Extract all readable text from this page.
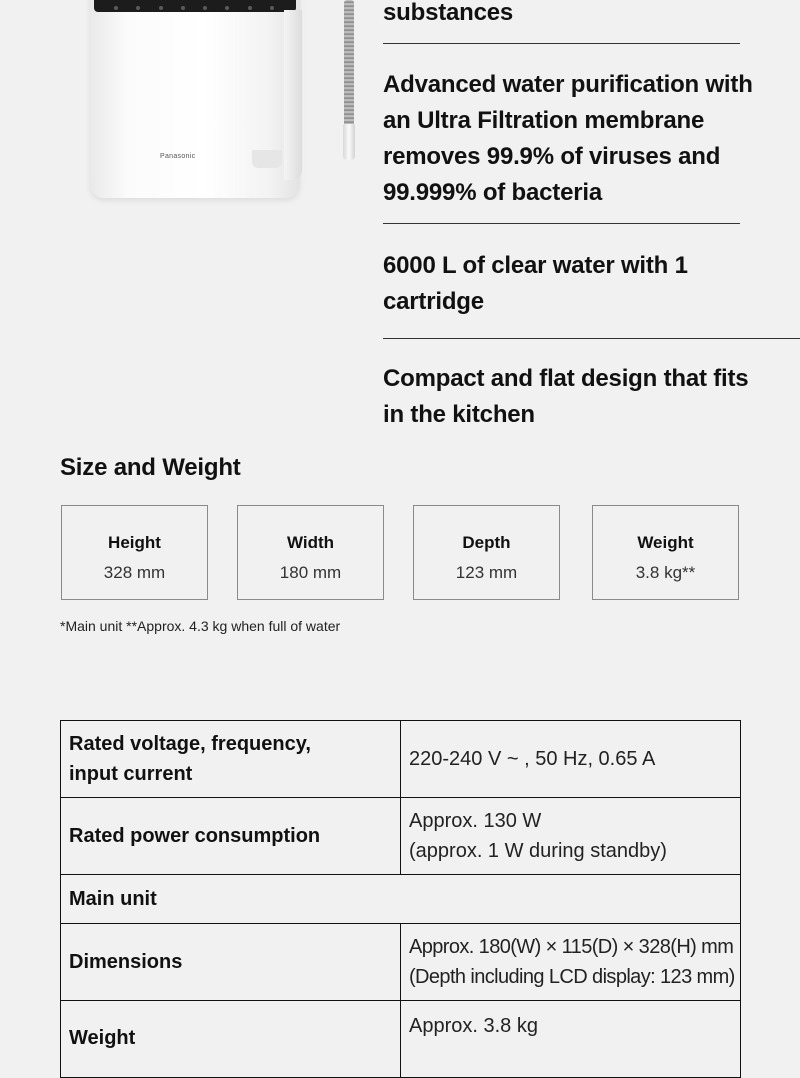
Panasonic
substances
Advanced water purification with
an Ultra Filtration membrane
removes 99.9% of viruses and
99.999% of bacteria
6000 L of clear water with 1
cartridge
Compact and flat design that fits
in the kitchen
Size and Weight
Height
328 mm
Width
180 mm
Depth
123 mm
Weight
3.8 kg**
*Main unit **Approx. 4.3 kg when full of water
Rated voltage, frequency,
input current	220-240 V ~ , 50 Hz, 0.65 A

Rated power consumption	Approx. 130 W
(approx. 1 W during standby)

Main unit	

Dimensions	Approx. 180(W) × 115(D) × 328(H) mm
(Depth including LCD display: 123 mm)

Weight	Approx. 3.8 kg
